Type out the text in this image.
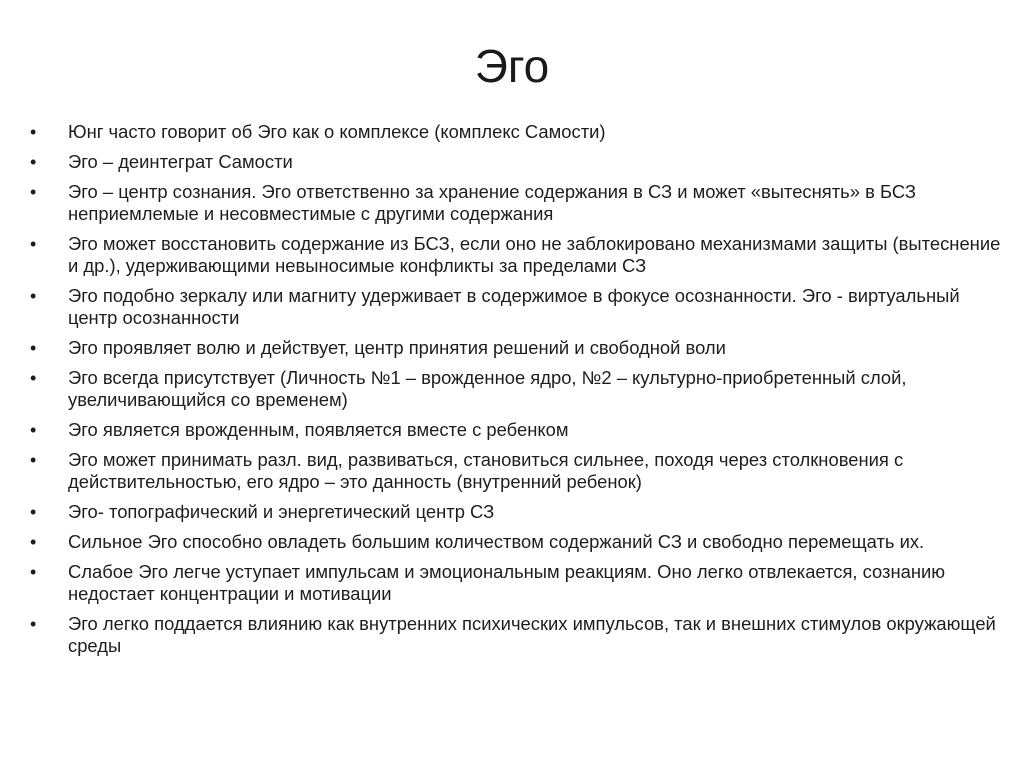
Эго
•	Юнг часто говорит об Эго как о комплексе (комплекс Самости)
•	Эго – деинтеграт Самости
•	Эго – центр сознания. Эго ответственно за хранение содержания в СЗ и может «вытеснять» в БСЗ неприемлемые и несовместимые с другими содержания
•	Эго может восстановить содержание из БСЗ, если оно не заблокировано механизмами защиты (вытеснение и др.), удерживающими невыносимые конфликты за пределами СЗ
•	Эго подобно зеркалу или магниту удерживает в содержимое в фокусе осознанности. Эго - виртуальный центр осознанности
•	Эго проявляет волю и действует, центр принятия решений и свободной воли
•	Эго всегда присутствует (Личность №1 – врожденное ядро, №2 – культурно-приобретенный слой, увеличивающийся со временем)
•	Эго является врожденным, появляется вместе с ребенком
•	Эго может принимать разл. вид, развиваться, становиться сильнее, походя через столкновения с действительностью, его ядро – это данность (внутренний ребенок)
•	Эго- топографический и энергетический центр СЗ
•	Сильное Эго способно овладеть большим количеством содержаний СЗ и свободно перемещать их.
•	Слабое Эго легче уступает импульсам и эмоциональным реакциям. Оно легко отвлекается, сознанию недостает концентрации и мотивации
•	Эго легко поддается влиянию как внутренних психических импульсов, так и внешних стимулов окружающей среды
